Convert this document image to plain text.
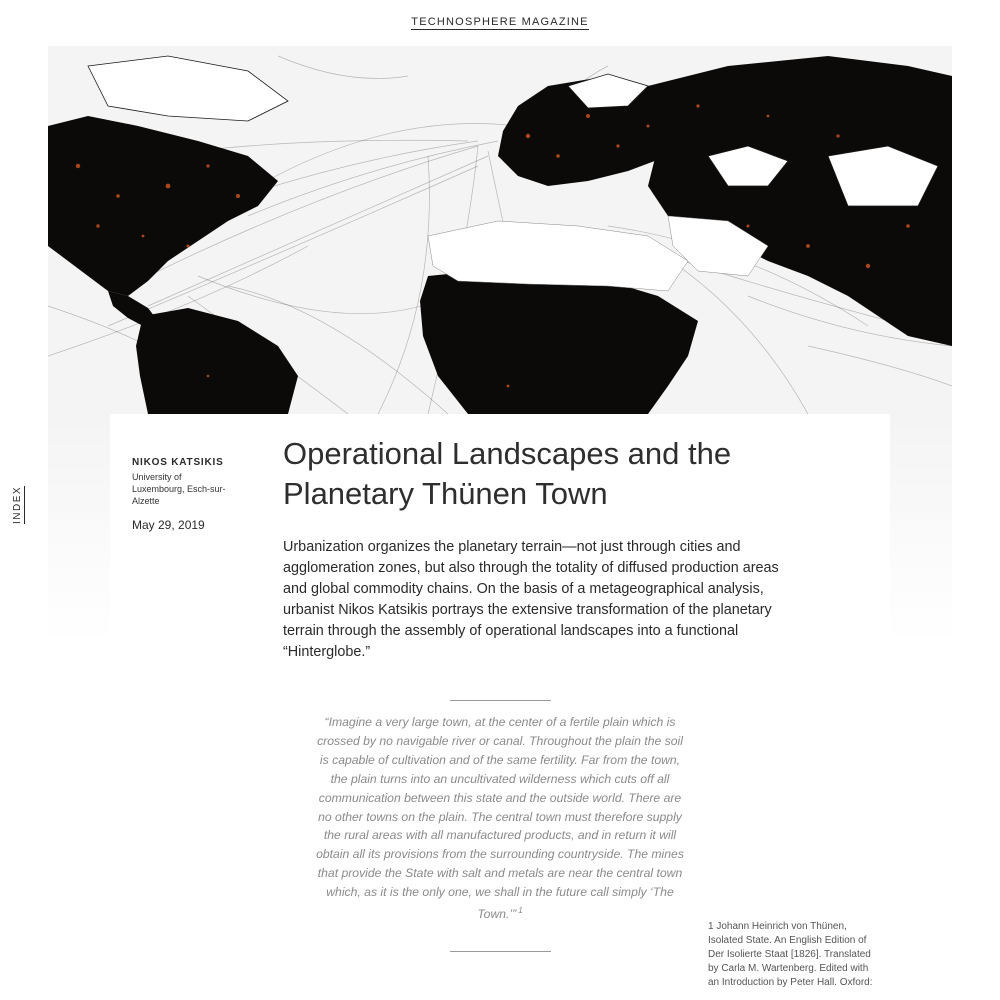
TECHNOSPHERE MAGAZINE
INDEX
NIKOS KATSIKIS
University of Luxembourg, Esch-sur-Alzette
May 29, 2019
Operational Landscapes and the Planetary Thünen Town

Urbanization organizes the planetary terrain—not just through cities and agglomeration zones, but also through the totality of diffused production areas and global commodity chains. On the basis of a metageographical analysis, urbanist Nikos Katsikis portrays the extensive transformation of the planetary terrain through the assembly of operational landscapes into a functional “Hinterglobe.”

“Imagine a very large town, at the center of a fertile plain which is crossed by no navigable river or canal. Throughout the plain the soil is capable of cultivation and of the same fertility. Far from the town, the plain turns into an uncultivated wilderness which cuts off all communication between this state and the outside world. There are no other towns on the plain. The central town must therefore supply the rural areas with all manufactured products, and in return it will obtain all its provisions from the surrounding countryside. The mines that provide the State with salt and metals are near the central town which, as it is the only one, we shall in the future call simply ‘The Town.’” $^1$

1 Johann Heinrich von Thünen, Isolated State. An English Edition of Der Isolierte Staat [1826]. Translated by Carla M. Wartenberg. Edited with an Introduction by Peter Hall. Oxford:
